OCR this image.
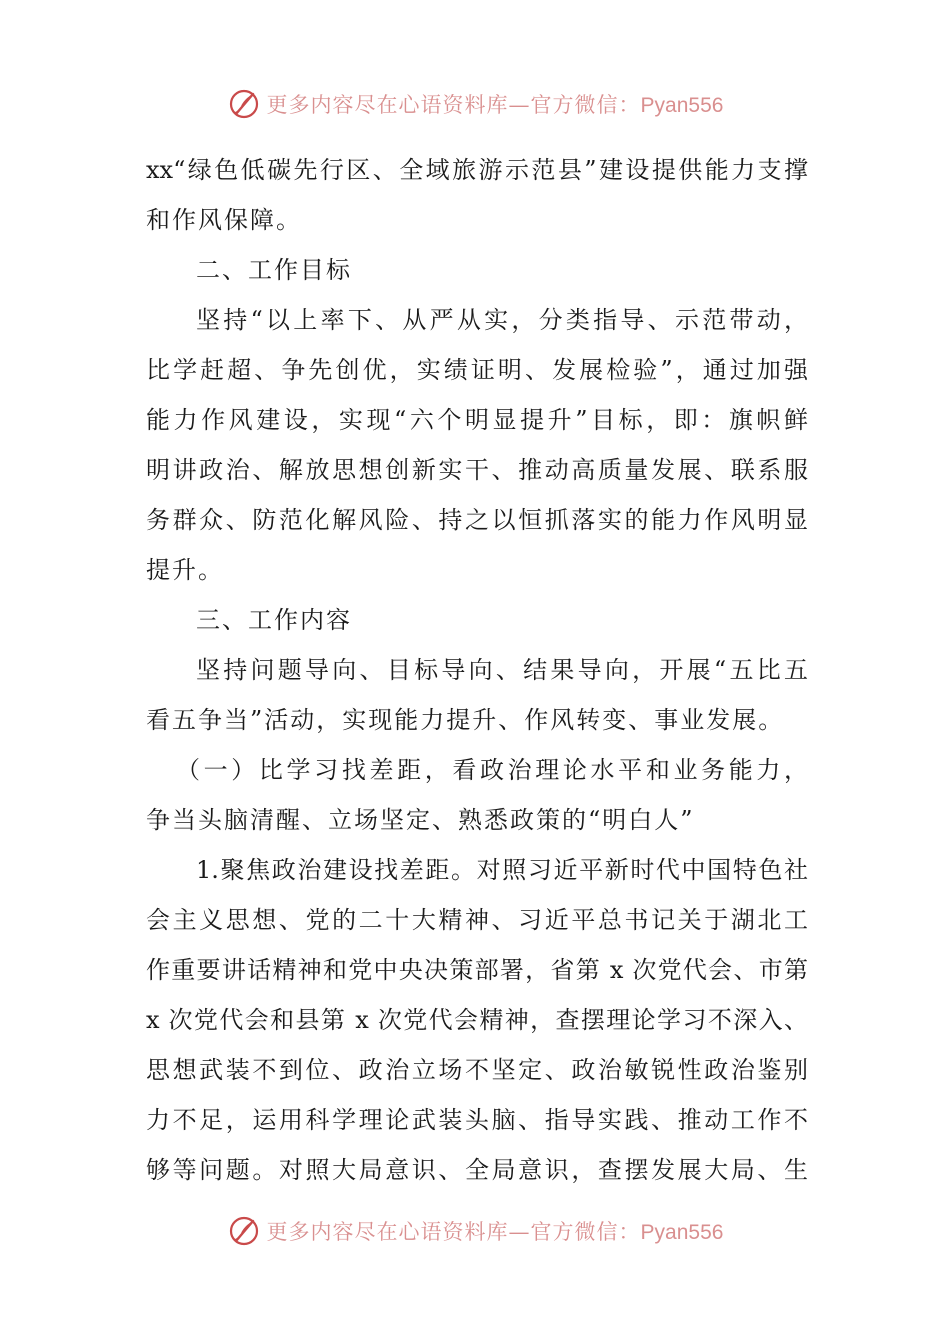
更多内容尽在心语资料库—官方微信：Pyan556
xx“绿色低碳先行区、全域旅游示范县”建设提供能力支撑
和作风保障。
二、工作目标
坚持“以上率下、从严从实，分类指导、示范带动，
比学赶超、争先创优，实绩证明、发展检验”，通过加强
能力作风建设，实现“六个明显提升”目标，即：旗帜鲜
明讲政治、解放思想创新实干、推动高质量发展、联系服
务群众、防范化解风险、持之以恒抓落实的能力作风明显
提升。
三、工作内容
坚持问题导向、目标导向、结果导向，开展“五比五
看五争当”活动，实现能力提升、作风转变、事业发展。
（一）比学习找差距，看政治理论水平和业务能力，
争当头脑清醒、立场坚定、熟悉政策的“明白人”
1.聚焦政治建设找差距。对照习近平新时代中国特色社
会主义思想、党的二十大精神、习近平总书记关于湖北工
作重要讲话精神和党中央决策部署，省第 x 次党代会、市第
x 次党代会和县第 x 次党代会精神，查摆理论学习不深入、
思想武装不到位、政治立场不坚定、政治敏锐性政治鉴别
力不足，运用科学理论武装头脑、指导实践、推动工作不
够等问题。对照大局意识、全局意识，查摆发展大局、生
更多内容尽在心语资料库—官方微信：Pyan556
